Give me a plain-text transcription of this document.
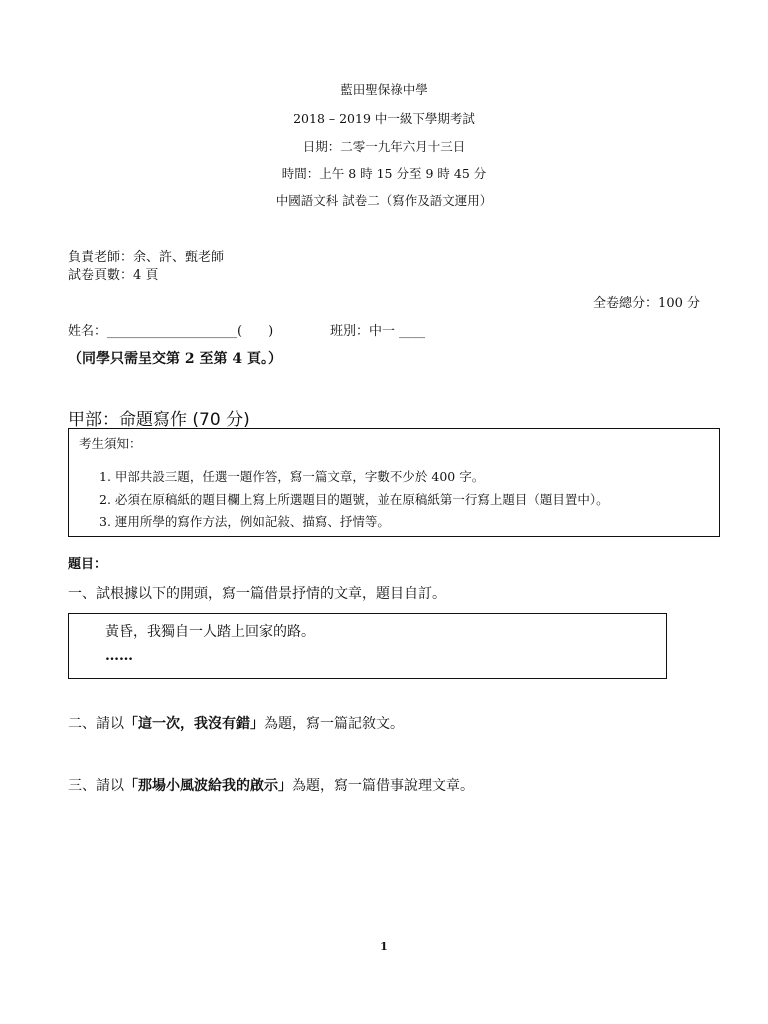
藍田聖保祿中學
2018 – 2019 中一級下學期考試
日期：二零一九年六月十三日
時間：上午 8 時 15 分至 9 時 45 分
中國語文科 試卷二（寫作及語文運用）
負責老師：余、許、甄老師
試卷頁數：4 頁
全卷總分：100 分
姓名：____________________(　　)	班別：中一 ____
（同學只需呈交第 2 至第 4 頁。）
甲部：命題寫作 (70 分)
考生須知：
1. 甲部共設三題，任選一題作答，寫一篇文章，字數不少於 400 字。
2. 必須在原稿紙的題目欄上寫上所選題目的題號，並在原稿紙第一行寫上題目（題目置中）。
3. 運用所學的寫作方法，例如記敍、描寫、抒情等。
題目：
一、試根據以下的開頭，寫一篇借景抒情的文章，題目自訂。
黃昏，我獨自一人踏上回家的路。
……
二、請以「這一次，我沒有錯」為題，寫一篇記敘文。
三、請以「那場小風波給我的啟示」為題，寫一篇借事說理文章。
1
